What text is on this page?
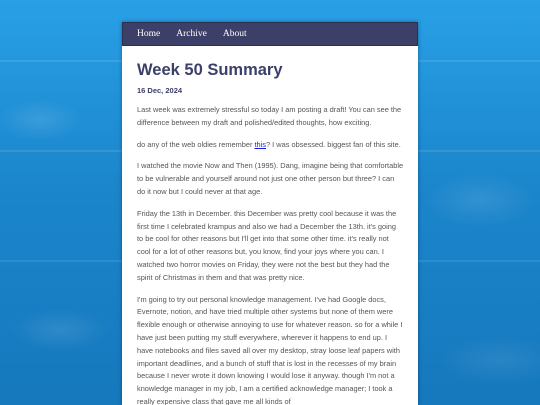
Home Archive About
Week 50 Summary
16 Dec, 2024

Last week was extremely stressful so today I am posting a draft! You can see the difference between my draft and polished/edited thoughts, how exciting.

do any of the web oldies remember this? I was obsessed. biggest fan of this site.

I watched the movie Now and Then (1995). Dang, imagine being that comfortable to be vulnerable and yourself around not just one other person but three? I can do it now but I could never at that age.

Friday the 13th in December. this December was pretty cool because it was the first time I celebrated krampus and also we had a December the 13th. it's going to be cool for other reasons but I'll get into that some other time. it's really not cool for a lot of other reasons but, you know, find your joys where you can. I watched two horror movies on Friday, they were not the best but they had the spirit of Christmas in them and that was pretty nice.

I'm going to try out personal knowledge management. I've had Google docs, Evernote, notion, and have tried multiple other systems but none of them were flexible enough or otherwise annoying to use for whatever reason. so for a while I have just been putting my stuff everywhere, wherever it happens to end up. I have notebooks and files saved all over my desktop, stray loose leaf papers with important deadlines, and a bunch of stuff that is lost in the recesses of my brain because I never wrote it down knowing I would lose it anyway. though I'm not a knowledge manager in my job, I am a certified acknowledge manager; I took a really expensive class that gave me all kinds of
